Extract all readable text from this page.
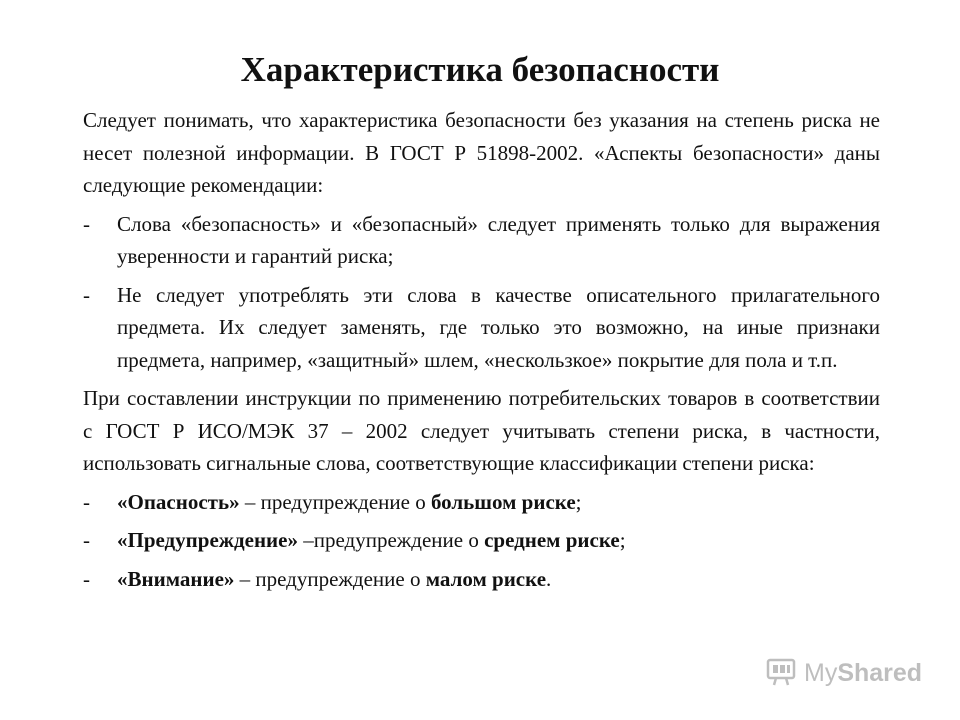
Характеристика безопасности

Следует понимать, что характеристика безопасности без указания на степень риска не несет полезной информации. В ГОСТ Р 51898-2002. «Аспекты безопасности» даны следующие рекомендации:

- Слова «безопасность» и «безопасный» следует применять только для выражения уверенности и гарантий риска;
- Не следует употреблять эти слова в качестве описательного прилагательного предмета. Их следует заменять, где только это возможно, на иные признаки предмета, например, «защитный» шлем, «нескользкое» покрытие для пола и т.п.

При составлении инструкции по применению потребительских товаров в соответствии с ГОСТ Р ИСО/МЭК 37 – 2002 следует учитывать степени риска, в частности, использовать сигнальные слова, соответствующие классификации степени риска:

- «Опасность» – предупреждение о большом риске;
- «Предупреждение» –предупреждение о среднем риске;
- «Внимание» – предупреждение о малом риске.
MyShared
